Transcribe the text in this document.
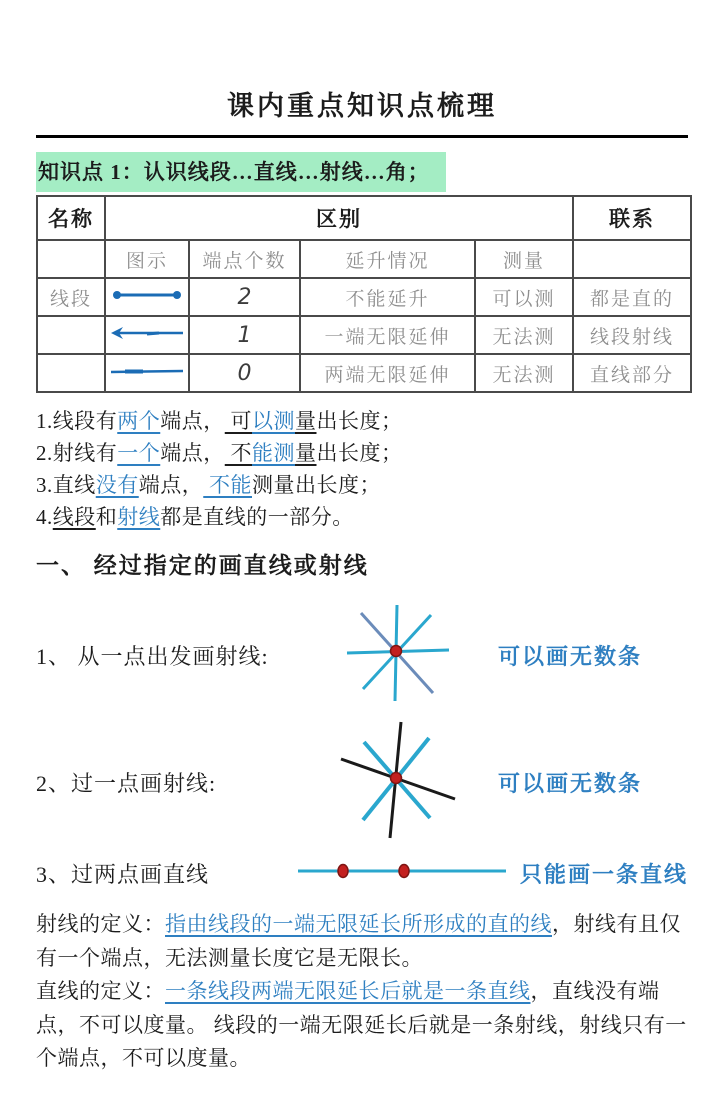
课内重点知识点梳理
知识点 1：认识线段…直线…射线…角；
名称	区别				联系
	图示	端点个数	延升情况	测量	
线段		2	不能延升	可以测	都是直的
		1	一端无限延伸	无法测	线段射线
		0	两端无限延伸	无法测	直线部分
1.线段有两个端点， 可以测量出长度；
2.射线有一个端点， 不能测量出长度；
3.直线没有端点， 不能测量出长度；
4.线段和射线都是直线的一部分。
一、 经过指定的画直线或射线
1、 从一点出发画射线:	可以画无数条
2、过一点画射线:	可以画无数条
3、过两点画直线	只能画一条直线

射线的定义：指由线段的一端无限延长所形成的直的线，射线有且仅有一个端点，无法测量长度它是无限长。

直线的定义：一条线段两端无限延长后就是一条直线，直线没有端点，不可以度量。 线段的一端无限延长后就是一条射线，射线只有一个端点，不可以度量。
